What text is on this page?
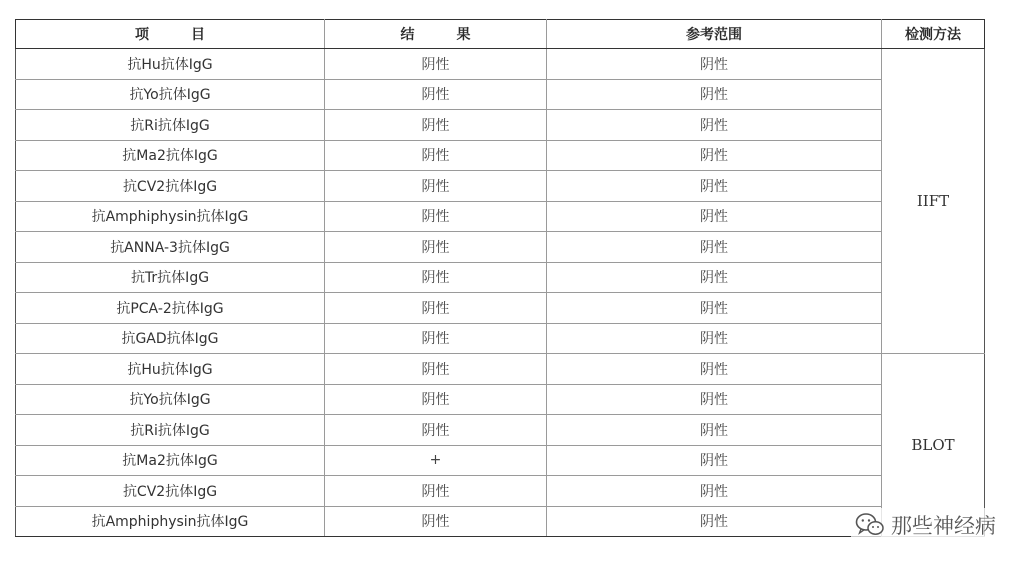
项　　　目	结　　　果	参考范围	检测方法
抗Hu抗体IgG	阴性	阴性	IIFT
抗Yo抗体IgG	阴性	阴性	
抗Ri抗体IgG	阴性	阴性	
抗Ma2抗体IgG	阴性	阴性	
抗CV2抗体IgG	阴性	阴性	
抗Amphiphysin抗体IgG	阴性	阴性	
抗ANNA-3抗体IgG	阴性	阴性	
抗Tr抗体IgG	阴性	阴性	
抗PCA-2抗体IgG	阴性	阴性	
抗GAD抗体IgG	阴性	阴性	
抗Hu抗体IgG	阴性	阴性	BLOT
抗Yo抗体IgG	阴性	阴性	
抗Ri抗体IgG	阴性	阴性	
抗Ma2抗体IgG	+	阴性	
抗CV2抗体IgG	阴性	阴性	
抗Amphiphysin抗体IgG	阴性	阴性		那些神经病
